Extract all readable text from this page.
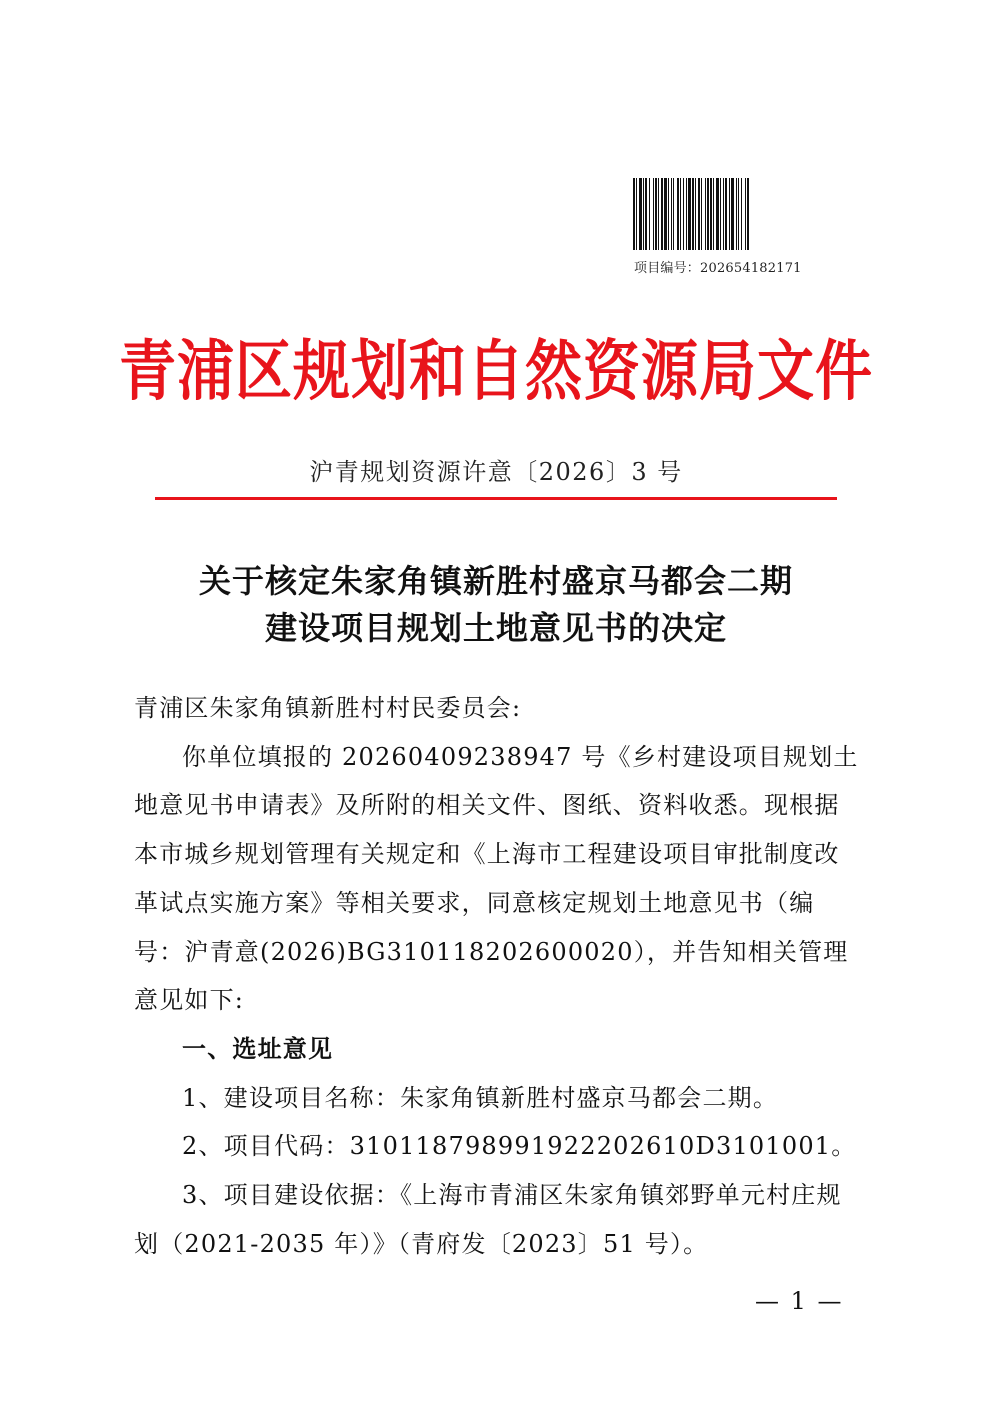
项目编号：202654182171
青浦区规划和自然资源局文件
沪青规划资源许意〔2026〕3 号
关于核定朱家角镇新胜村盛京马都会二期
建设项目规划土地意见书的决定

青浦区朱家角镇新胜村村民委员会:

你单位填报的 20260409238947 号《乡村建设项目规划土地意见书申请表》及所附的相关文件、图纸、资料收悉。现根据本市城乡规划管理有关规定和《上海市工程建设项目审批制度改革试点实施方案》等相关要求，同意核定规划土地意见书（编号：沪青意(2026)BG310118202600020），并告知相关管理意见如下:

一、选址意见

1、建设项目名称：朱家角镇新胜村盛京马都会二期。

2、项目代码：310118798991922202610D3101001。

3、项目建设依据：《上海市青浦区朱家角镇郊野单元村庄规划（2021-2035 年）》（青府发〔2023〕51 号）。

— 1 —
